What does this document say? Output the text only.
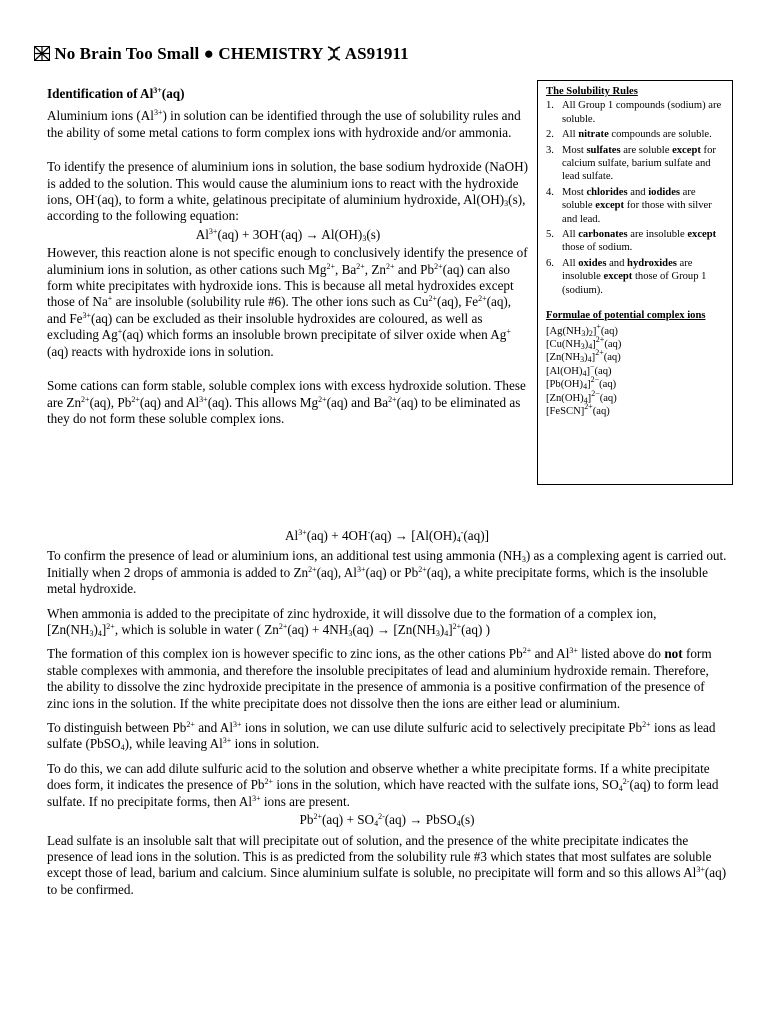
No Brain Too Small ● CHEMISTRY AS91911
Identification of $Al^{3+}(aq)$

Aluminium ions $(Al^{3+})$ in solution can be identified through the use of solubility rules and the ability of some metal cations to form complex ions with hydroxide and/or ammonia.

To identify the presence of aluminium ions in solution, the base sodium hydroxide (NaOH) is added to the solution. This would cause the aluminium ions to react with the hydroxide ions, OH-(aq), to form a white, gelatinous precipitate of aluminium hydroxide, $Al(OH)_3(s)$, according to the following equation:

$Al^{3+}(aq) + 3OH^-(aq) \to Al(OH)_3(s)$

However, this reaction alone is not specific enough to conclusively identify the presence of aluminium ions in solution, as other cations such $Mg^{2+}$, $Ba^{2+}$, $Zn^{2+}$ and $Pb^{2+}(aq)$ can also form white precipitates with hydroxide ions. This is because all metal hydroxides except those of Na+ are insoluble (solubility rule #6). The other ions such as $Cu^{2+}(aq)$, $Fe^{2+}(aq)$, and $Fe^{3+}(aq)$ can be excluded as their insoluble hydroxides are coloured, as well as excluding Ag+(aq) which forms an insoluble brown precipitate of silver oxide when Ag+(aq) reacts with hydroxide ions in solution.

Some cations can form stable, soluble complex ions with excess hydroxide solution. These are $Zn^{2+}(aq)$, $Pb^{2+}(aq)$ and $Al^{3+}(aq)$. This allows $Mg^{2+}(aq)$ and $Ba^{2+}(aq)$ to be eliminated as they do not form these soluble complex ions.

The Solubility Rules
1. All Group 1 compounds (sodium) are soluble.
2. All nitrate compounds are soluble.
3. Most sulfates are soluble except for calcium sulfate, barium sulfate and lead sulfate.
4. Most chlorides and iodides are soluble except for those with silver and lead.
5. All carbonates are insoluble except those of sodium.
6. All oxides and hydroxides are insoluble except those of Group 1 (sodium).
Formulae of potential complex ions
$[Ag(NH_3)_2]^+(aq)$
$[Cu(NH_3)_4]^{2+}(aq)$
$[Zn(NH_3)_4]^{2+}(aq)$
$[Al(OH)_4]^-(aq)$
$[Pb(OH)_4]^{2-}(aq)$
$[Zn(OH)_4]^{2-}(aq)$
[FeSCN]$^{2+}$(aq)

$Al^{3+}(aq) + 4OH^-(aq) \to [Al(OH)_4^-(aq)]$

To confirm the presence of lead or aluminium ions, an additional test using ammonia $(NH_3)$ as a complexing agent is carried out. Initially when 2 drops of ammonia is added to $Zn^{2+}(aq)$, $Al^{3+}(aq)$ or $Pb^{2+}(aq)$, a white precipitate forms, which is the insoluble metal hydroxide.

When ammonia is added to the precipitate of zinc hydroxide, it will dissolve due to the formation of a complex ion, $[Zn(NH_3)_4]^{2+}$, which is soluble in water ( $Zn^{2+}(aq) + 4NH_3(aq) \to [Zn(NH_3)_4]^{2+}(aq)$ )

The formation of this complex ion is however specific to zinc ions, as the other cations $Pb^{2+}$ and $Al^{3+}$ listed above do not form stable complexes with ammonia, and therefore the insoluble precipitates of lead and aluminium hydroxide remain. Therefore, the ability to dissolve the zinc hydroxide precipitate in the presence of ammonia is a positive confirmation of the presence of zinc ions in the solution. If the white precipitate does not dissolve then the ions are either lead or aluminium.

To distinguish between $Pb^{2+}$ and $Al^{3+}$ ions in solution, we can use dilute sulfuric acid to selectively precipitate $Pb^{2+}$ ions as lead sulfate (PbSO$_4$), while leaving $Al^{3+}$ ions in solution.

To do this, we can add dilute sulfuric acid to the solution and observe whether a white precipitate forms. If a white precipitate does form, it indicates the presence of $Pb^{2+}$ ions in the solution, which have reacted with the sulfate ions, $SO_4^{2-}(aq)$ to form lead sulfate. If no precipitate forms, then $Al^{3+}$ ions are present.

$Pb^{2+}(aq) + SO_4^{2-}(aq)$ → PbSO$_4$(s)

Lead sulfate is an insoluble salt that will precipitate out of solution, and the presence of the white precipitate indicates the presence of lead ions in the solution. This is as predicted from the solubility rule #3 which states that most sulfates are soluble except those of lead, barium and calcium. Since aluminium sulfate is soluble, no precipitate will form and so this allows $Al^{3+}(aq)$ to be confirmed.
